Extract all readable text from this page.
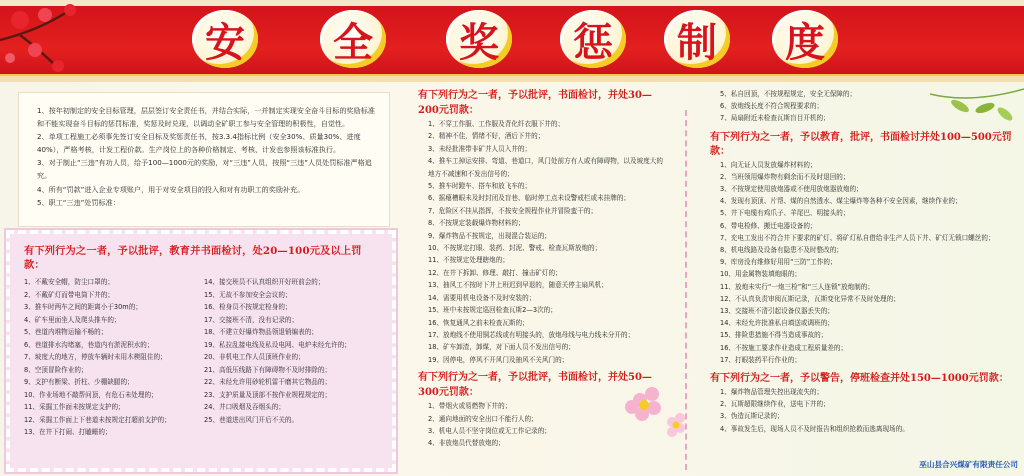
安	全	奖	惩	制	度

1、按年初制定的安全目标管理，层层签订安全责任书，并结合实际，一并制定实现安全奋斗目标的奖励标准和不能实现奋斗目标的惩罚标准，奖惩及时兑现，以调动全矿职工参与安全管理的积极性，自觉性。

2、单项工程施工必须事先签订安全目标及奖惩责任书，按3.3.4指标比例（安全30%、质量30%、进度40%），严格考核，计发工程价款。生产岗位上的各种价格制定、考核、计发也参照该标准执行。

3、对于制止“三违”有功人员，给予100—1000元的奖励，对“三违”人员，按照“三违”人员处罚标准严格追究。

4、所有“罚款”进入企业专项账户，用于对安全项目的投入和对有功职工的奖励补充。

5、职工“三违”处罚标准：

有下列行为之一者，予以批评，教育并书面检讨，处20—100元及以上罚款：
1、不戴安全帽，防尘口罩的；
2、不戴矿灯而带电筒下井的；
3、推车时两车之间的距离小于30m的；
4、矿车里面坐人及爬头推车的；
5、巷道内堆物运输不畅的；
6、巷道排水沟堵塞，巷道内有淤泥积水的；
7、坡度大的地方，停放车辆时未用木楔阻住的；
8、空顶冒险作业的；
9、支护有断梁、折柱、少棚缺腿的；
10、作业场地不敲帮问顶，有危石未处理的；
11、采掘工作面未按规定支护的；
12、采掘工作面上下巷道未按规定打超前支护的；
13、在井下打闹、打瞌睡的；
14、接交班员不认真组织开好班前会的；
15、无故不参加安全会议的；
16、检身员不按规定检身的；
17、交接班不清，没有记录的；
18、不建立好爆炸物品领退销编表的；
19、私拉乱接电线及私设电网、电炉未经允许的；
20、非机电工作人员顶班作业的；
21、高低压线路下有障碍物不及时排除的；
22、未经允许用砂轮机雷干磨其它物品的；
23、支护质量及顶部不按作业规程规定的；
24、井口吸烟及吞烟头的；
25、巷道进出风门开后不关的。
有下列行为之一者，予以批评，书面检讨，并处30—200元罚款：
1、不穿工作服、工作服及背化纤衣服下井的；
2、精神不佳，情绪不好，酒后下井的；
3、未经批准带非矿井人员入井的；
4、推车工掉运安排、弯道、巷道口，风门处前方有人或有障碍物，以及坡度大的地方不减速和不发出信号的；
5、推车时蹬车、搭车和放飞车的；
6、摇瘪槽眼未及时封闭及盲巷、临时停工点未设警戒栏或未挂牌的；
7、危险区不挂从指挥，不按安全规程作业并冒险蛮干的；
8、不按规定装载爆炸物材料的；
9、爆炸物品不按规定，出现混合装运的；
10、不按规定打眼、装药、封泥、警戒、检查瓦斯放炮的；
11、不按规定处理瞎炮的；
12、在井下拆卸、修理、敲打、撞击矿灯的；
13、抽风工不按时下井上班迟到早退的，随意关停主扇风机；
14、需要用机电设备不及时安装的；
15、班中未按规定巡回检查瓦斯2—3次的；
16、恢复通风之前未检查瓦斯的；
17、放炮线不使用铜芯线或有明接头的，放炮母线与电力线未分开的；
18、矿车卸渣，卸煤，对下面人员不发出信号的；
19、因停电，停风不开风门及抽风不关风门的；
有下列行为之一者，予以批评，书面检讨，并处50—300元罚款：
1、带烟火或易燃物下井的；
2、通向地面的安全出口不能行人的；
3、机电人员不坚守岗位或无工作记录的；
4、非放炮员代替放炮的；
5、私自回顶，不按规程规定，安全无保障的；
6、放炮线长度不符合规程要求的；
7、局扇附近未检查瓦斯盲目开机的；
有下列行为之一者，予以教育，批评，书面检讨并处100—500元罚款：
1、向无证人员发放爆炸材料的；
2、当班领用爆炸物有剩余而不及时退回的；
3、不按规定使用放炮器或不使用放炮器放炮的；
4、发现有顶顶、片帮、煤的自然透水、煤尘爆炸等各种不安全因素，继续作业的；
5、井下电缆有鸡爪子、羊尾巴、明接头的；
6、带电检修、搬迁电器设备的；
7、充电工发出不符合井下要求的矿灯、将矿灯私自借给非生产人员下井、矿灯无锁口螺丝的；
8、机电线路及设备有隐患不及时整改的；
9、库房没有维修好用用“三防”工作的；
10、用金属物装填炮眼的；
11、放炮未实行“一炮三检”和“三人连锁”放炮制的；
12、不认真负责审阅瓦斯记录，瓦斯变化异常不及时处理的；
13、交接班不清引起设备仪器丢失的；
14、未经允许批准私自填送或调班的；
15、排险患措施不得当造成事故的；
16、不按施工要求作业造成工程质量差的；
17、打眼装药平行作业的；
有下列行为之一者，予以警告，停班检查并处150—1000元罚款：
1、爆炸物品管理失控出现流失的；
2、瓦斯超限继续作业，送电下井的；
3、伪造瓦斯记录的；
4、事故发生后，现场人员不及时报告和组织抢救而逃离现场的。
巫山县合兴煤矿有限责任公司
